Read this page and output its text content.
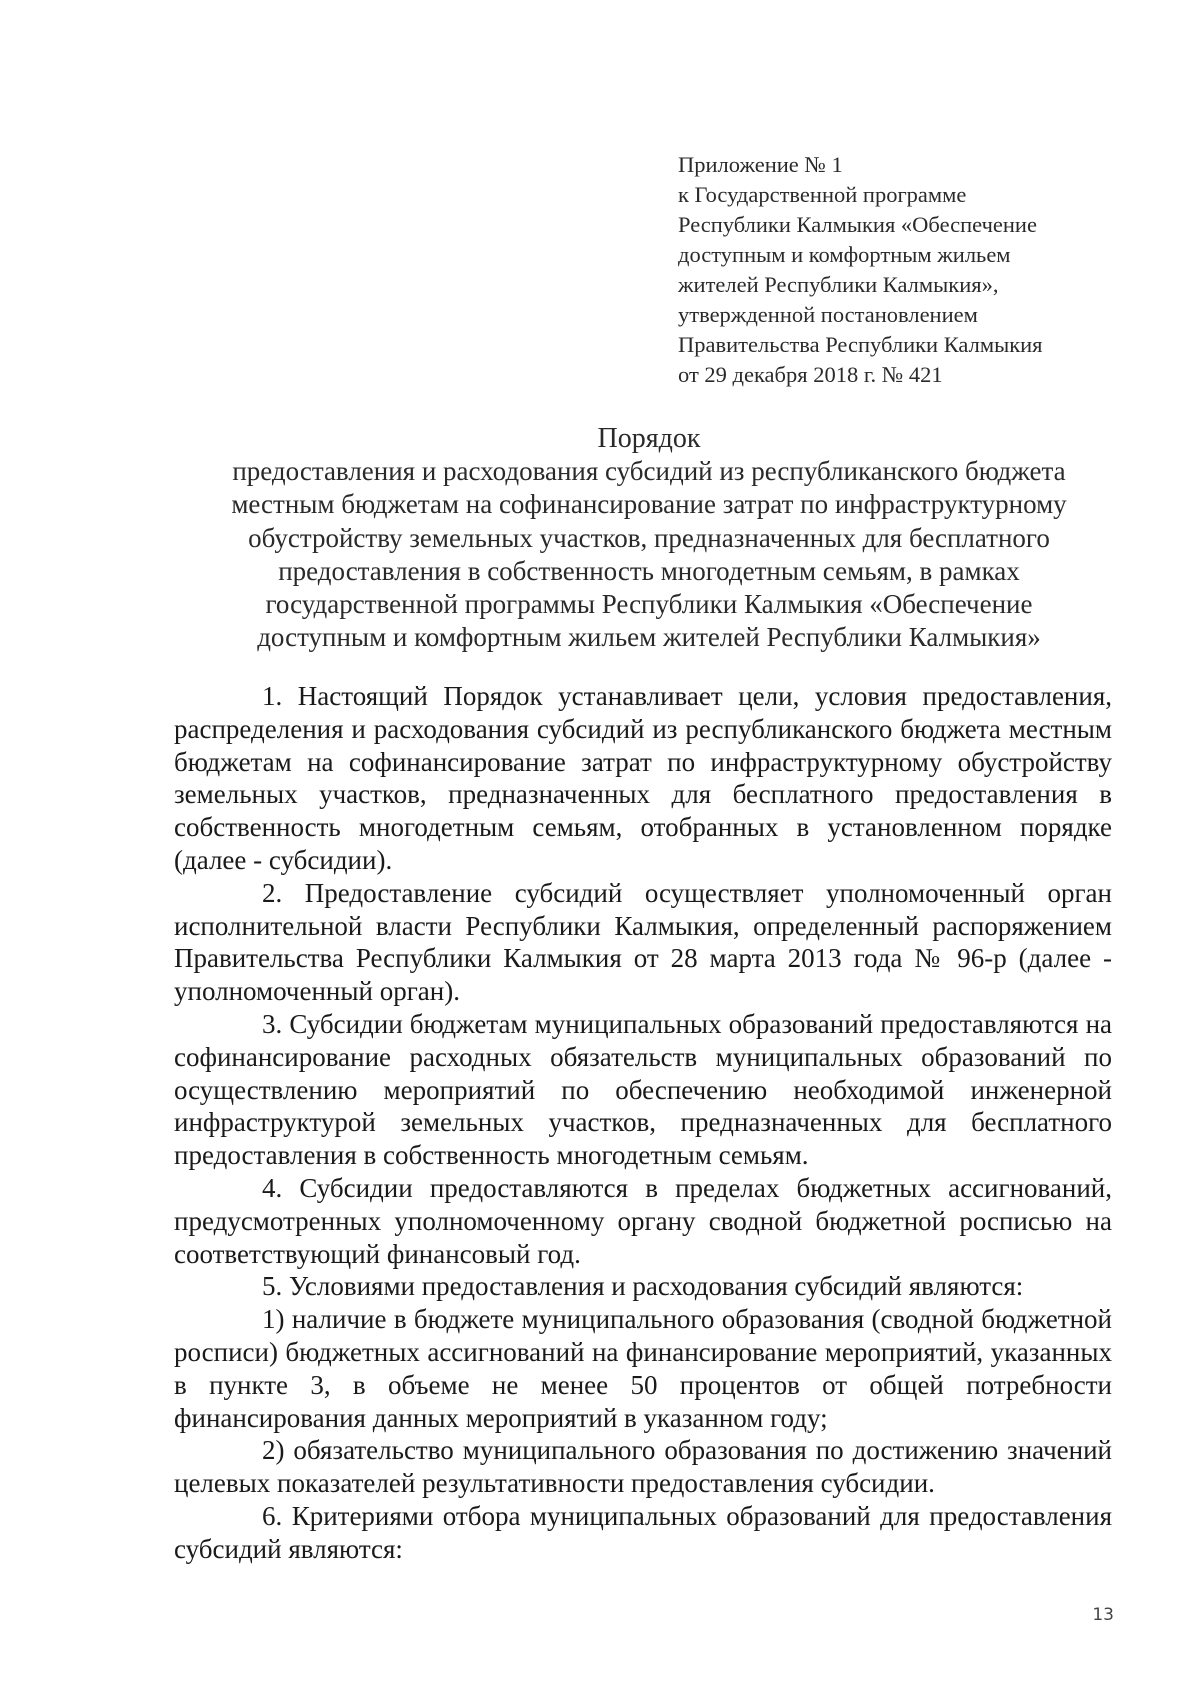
Приложение № 1
к Государственной программе
Республики Калмыкия «Обеспечение
доступным и комфортным жильем
жителей Республики Калмыкия»,
утвержденной постановлением
Правительства Республики Калмыкия
от 29 декабря 2018 г. № 421
Порядок
предоставления и расходования субсидий из республиканского бюджета
местным бюджетам на софинансирование затрат по инфраструктурному
обустройству земельных участков, предназначенных для бесплатного
предоставления в собственность многодетным семьям, в рамках
государственной программы Республики Калмыкия «Обеспечение
доступным и комфортным жильем жителей Республики Калмыкия»

1. Настоящий Порядок устанавливает цели, условия предоставления, распределения и расходования субсидий из республиканского бюджета местным бюджетам на софинансирование затрат по инфраструктурному обустройству земельных участков, предназначенных для бесплатного предоставления в собственность многодетным семьям, отобранных в установленном порядке (далее - субсидии).

2. Предоставление субсидий осуществляет уполномоченный орган исполнительной власти Республики Калмыкия, определенный распоряжением Правительства Республики Калмыкия от 28 марта 2013 года № 96-р (далее - уполномоченный орган).

3. Субсидии бюджетам муниципальных образований предоставляются на софинансирование расходных обязательств муниципальных образований по осуществлению мероприятий по обеспечению необходимой инженерной инфраструктурой земельных участков, предназначенных для бесплатного предоставления в собственность многодетным семьям.

4. Субсидии предоставляются в пределах бюджетных ассигнований, предусмотренных уполномоченному органу сводной бюджетной росписью на соответствующий финансовый год.

5. Условиями предоставления и расходования субсидий являются:

1) наличие в бюджете муниципального образования (сводной бюджетной росписи) бюджетных ассигнований на финансирование мероприятий, указанных в пункте 3, в объеме не менее 50 процентов от общей потребности финансирования данных мероприятий в указанном году;

2) обязательство муниципального образования по достижению значений целевых показателей результативности предоставления субсидии.

6. Критериями отбора муниципальных образований для предоставления субсидий являются:

13
